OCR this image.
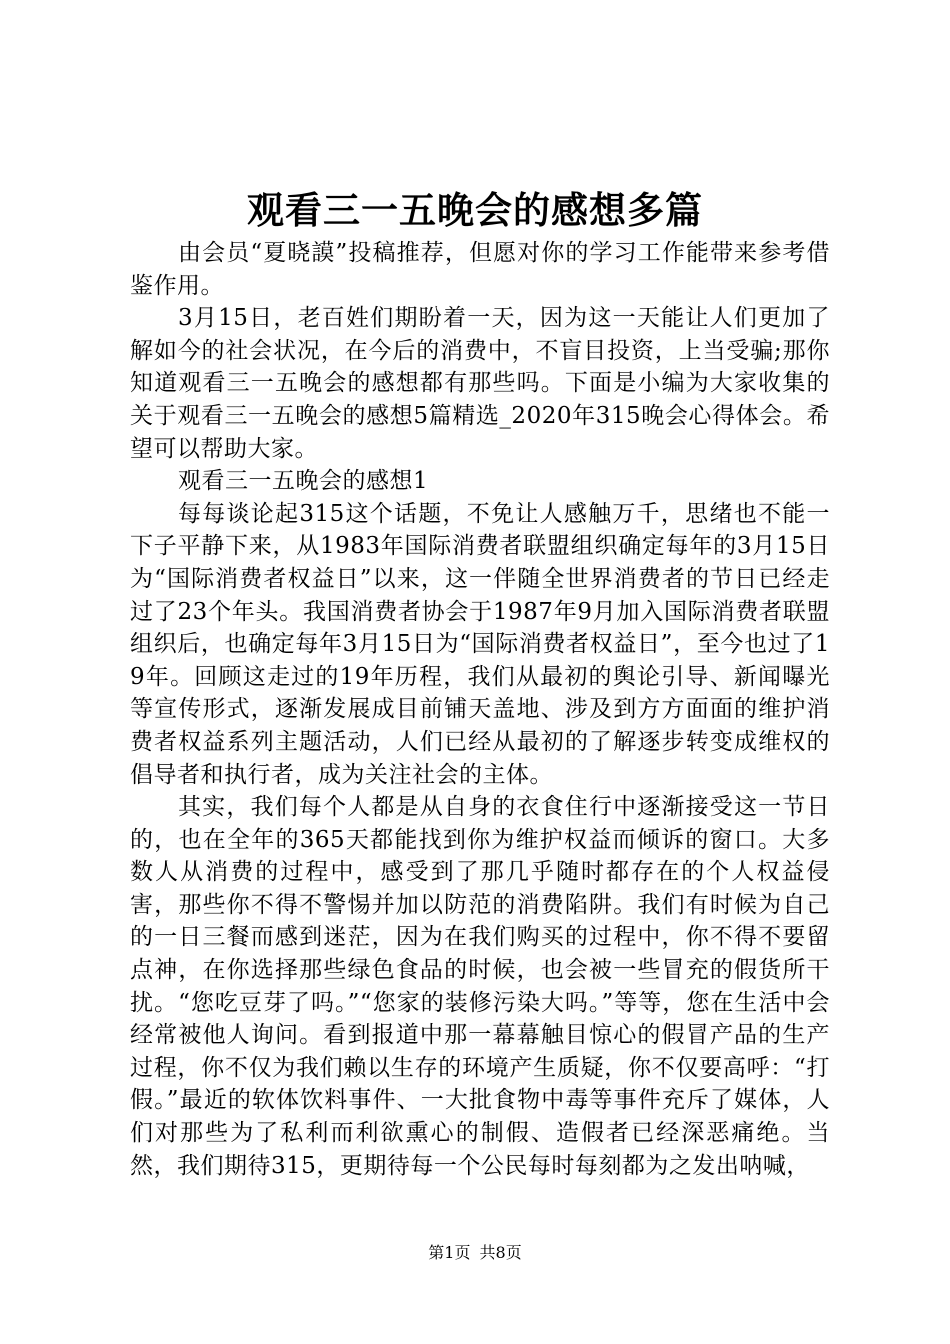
观看三一五晚会的感想多篇

由会员“夏晓謨”投稿推荐，但愿对你的学习工作能带来参考借鉴作用。

3月15日，老百姓们期盼着一天，因为这一天能让人们更加了解如今的社会状况，在今后的消费中，不盲目投资，上当受骗;那你知道观看三一五晚会的感想都有那些吗。下面是小编为大家收集的关于观看三一五晚会的感想5篇精选_2020年315晚会心得体会。希望可以帮助大家。

观看三一五晚会的感想1

每每谈论起315这个话题，不免让人感触万千，思绪也不能一下子平静下来，从1983年国际消费者联盟组织确定每年的3月15日为“国际消费者权益日”以来，这一伴随全世界消费者的节日已经走过了23个年头。我国消费者协会于1987年9月加入国际消费者联盟组织后，也确定每年3月15日为“国际消费者权益日”，至今也过了19年。回顾这走过的19年历程，我们从最初的舆论引导、新闻曝光等宣传形式，逐渐发展成目前铺天盖地、涉及到方方面面的维护消费者权益系列主题活动，人们已经从最初的了解逐步转变成维权的倡导者和执行者，成为关注社会的主体。

其实，我们每个人都是从自身的衣食住行中逐渐接受这一节日的，也在全年的365天都能找到你为维护权益而倾诉的窗口。大多数人从消费的过程中，感受到了那几乎随时都存在的个人权益侵害，那些你不得不警惕并加以防范的消费陷阱。我们有时候为自己的一日三餐而感到迷茫，因为在我们购买的过程中，你不得不要留点神，在你选择那些绿色食品的时候，也会被一些冒充的假货所干扰。“您吃豆芽了吗。”“您家的装修污染大吗。”等等，您在生活中会经常被他人询问。看到报道中那一幕幕触目惊心的假冒产品的生产过程，你不仅为我们赖以生存的环境产生质疑，你不仅要高呼：“打假。”最近的软体饮料事件、一大批食物中毒等事件充斥了媒体，人们对那些为了私利而利欲熏心的制假、造假者已经深恶痛绝。当然，我们期待315，更期待每一个公民每时每刻都为之发出呐喊，

第1页 共8页
